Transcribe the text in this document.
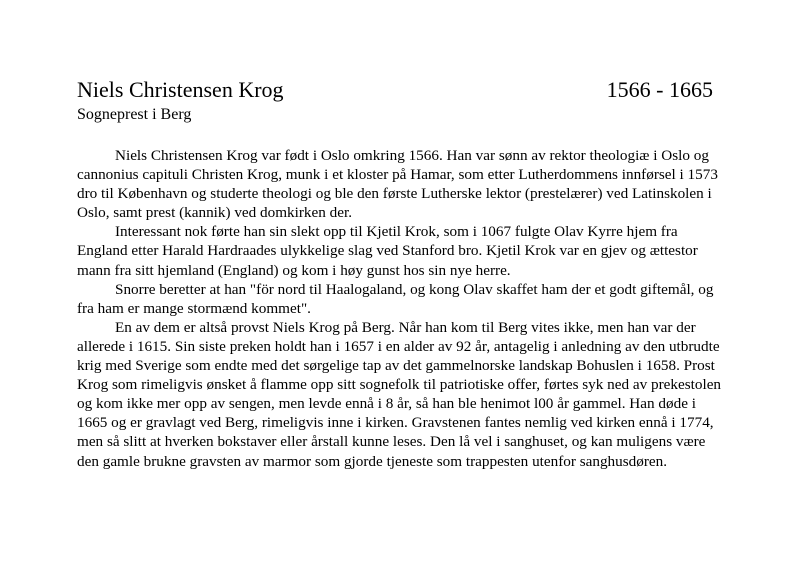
Niels Christensen Krog	1566 - 1665
Sogneprest i Berg

Niels Christensen Krog var født i Oslo omkring 1566. Han var sønn av rektor theologiæ i Oslo og cannonius capituli Christen Krog, munk i et kloster på Hamar, som etter Lutherdommens innførsel i 1573 dro til København og studerte theologi og ble den første Lutherske lektor (prestelærer) ved Latinskolen i Oslo, samt prest (kannik) ved domkirken der.

Interessant nok førte han sin slekt opp til Kjetil Krok, som i 1067 fulgte Olav Kyrre hjem fra England etter Harald Hardraades ulykkelige slag ved Stanford bro. Kjetil Krok var en gjev og ættestor mann fra sitt hjemland (England) og kom i høy gunst hos sin nye herre.

Snorre beretter at han "för nord til Haalogaland, og kong Olav skaffet ham der et godt giftemål, og fra ham er mange stormænd kommet".

En av dem er altså provst Niels Krog på Berg. Når han kom til Berg vites ikke, men han var der allerede i 1615. Sin siste preken holdt han i 1657 i en alder av 92 år, antagelig i anledning av den utbrudte krig med Sverige som endte med det sørgelige tap av det gammelnorske landskap Bohuslen i 1658. Prost Krog som rimeligvis ønsket å flamme opp sitt sognefolk til patriotiske offer, førtes syk ned av prekestolen og kom ikke mer opp av sengen, men levde ennå i 8 år, så han ble henimot l00 år gammel. Han døde i 1665 og er gravlagt ved Berg, rimeligvis inne i kirken. Gravstenen fantes nemlig ved kirken ennå i 1774, men så slitt at hverken bokstaver eller årstall kunne leses. Den lå vel i sanghuset, og kan muligens være den gamle brukne gravsten av marmor som gjorde tjeneste som trappesten utenfor sanghusdøren.
